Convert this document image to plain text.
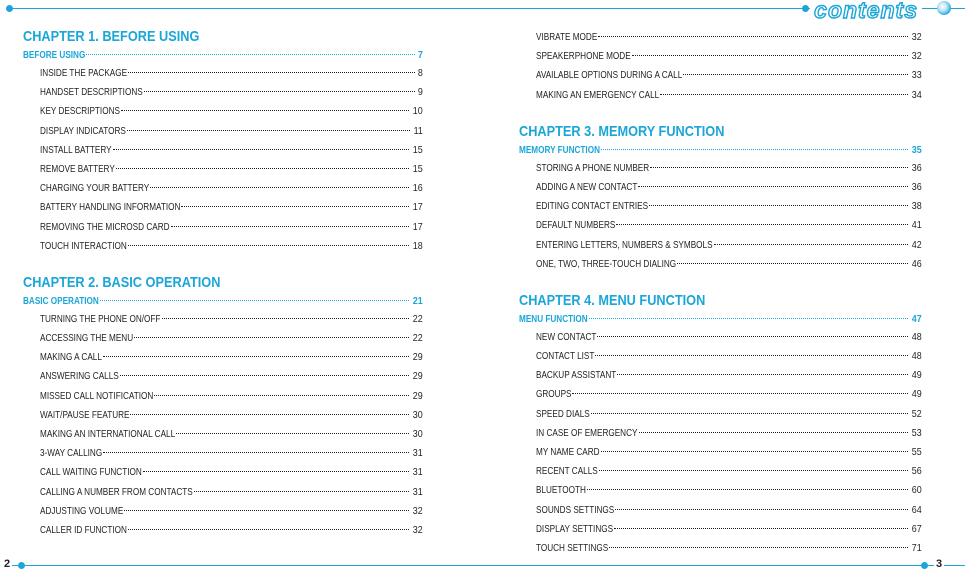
contents
2	3
CHAPTER 1. BEFORE USING
BEFORE USING	7
INSIDE THE PACKAGE	8
HANDSET DESCRIPTIONS	9
KEY DESCRIPTIONS	10
DISPLAY INDICATORS	11
INSTALL BATTERY	15
REMOVE BATTERY	15
CHARGING YOUR BATTERY	16
BATTERY HANDLING INFORMATION	17
REMOVING THE MICROSD CARD	17
TOUCH INTERACTION	18
CHAPTER 2. BASIC OPERATION
BASIC OPERATION	21
TURNING THE PHONE ON/OFF	22
ACCESSING THE MENU	22
MAKING A CALL	29
ANSWERING CALLS	29
MISSED CALL NOTIFICATION	29
WAIT/PAUSE FEATURE	30
MAKING AN INTERNATIONAL CALL	30
3-WAY CALLING	31
CALL WAITING FUNCTION	31
CALLING A NUMBER FROM CONTACTS	31
ADJUSTING VOLUME	32
CALLER ID FUNCTION	32
VIBRATE MODE	32
SPEAKERPHONE MODE	32
AVAILABLE OPTIONS DURING A CALL	33
MAKING AN EMERGENCY CALL	34
CHAPTER 3. MEMORY FUNCTION
MEMORY FUNCTION	35
STORING A PHONE NUMBER	36
ADDING A NEW CONTACT	36
EDITING CONTACT ENTRIES	38
DEFAULT NUMBERS	41
ENTERING LETTERS, NUMBERS & SYMBOLS	42
ONE, TWO, THREE-TOUCH DIALING	46
CHAPTER 4. MENU FUNCTION
MENU FUNCTION	47
NEW CONTACT	48
CONTACT LIST	48
BACKUP ASSISTANT	49
GROUPS	49
SPEED DIALS	52
IN CASE OF EMERGENCY	53
MY NAME CARD	55
RECENT CALLS	56
BLUETOOTH	60
SOUNDS SETTINGS	64
DISPLAY SETTINGS	67
TOUCH SETTINGS	71
